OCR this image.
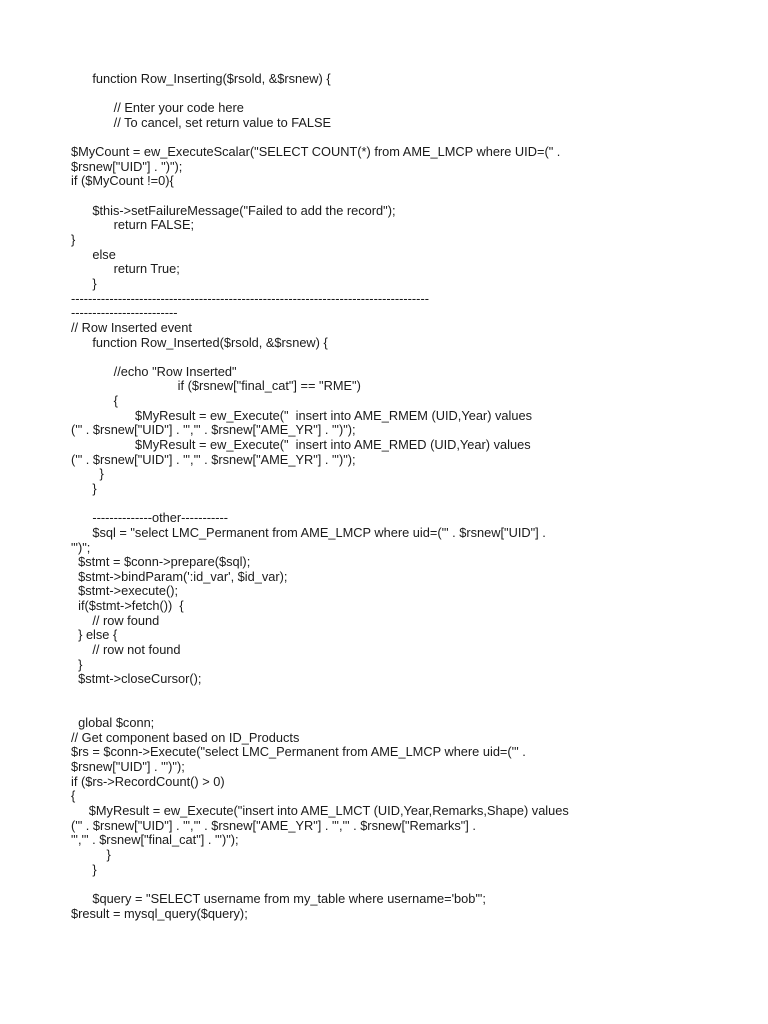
function Row_Inserting($rsold, &$rsnew) {
// Enter your code here
// To cancel, set return value to FALSE
$MyCount = ew_ExecuteScalar("SELECT COUNT(*) from AME_LMCP where UID=(" .
$rsnew["UID"] . ")");
if ($MyCount !=0){
$this->setFailureMessage("Failed to add the record");
return FALSE;
}
else
return True;
}
------------------------------------------------------------------------------------
-------------------------
// Row Inserted event
function Row_Inserted($rsold, &$rsnew) {
//echo "Row Inserted"
if ($rsnew["final_cat"] == "RME")
{
$MyResult = ew_Execute("  insert into AME_RMEM (UID,Year) values
('" . $rsnew["UID"] . "','" . $rsnew["AME_YR"] . "')");
$MyResult = ew_Execute("  insert into AME_RMED (UID,Year) values
('" . $rsnew["UID"] . "','" . $rsnew["AME_YR"] . "')");
}
}
--------------other-----------
$sql = "select LMC_Permanent from AME_LMCP where uid=('" . $rsnew["UID"] .
"')";
$stmt = $conn->prepare($sql);
$stmt->bindParam(':id_var', $id_var);
$stmt->execute();
if($stmt->fetch())  {
// row found
} else {
// row not found
}
$stmt->closeCursor();
global $conn;
// Get component based on ID_Products
$rs = $conn->Execute("select LMC_Permanent from AME_LMCP where uid=('" .
$rsnew["UID"] . "')");
if ($rs->RecordCount() > 0)
{
$MyResult = ew_Execute("insert into AME_LMCT (UID,Year,Remarks,Shape) values
('" . $rsnew["UID"] . "','" . $rsnew["AME_YR"] . "','" . $rsnew["Remarks"] .
"','" . $rsnew["final_cat"] . "')");
}
}
$query = "SELECT username from my_table where username='bob'";
$result = mysql_query($query);
